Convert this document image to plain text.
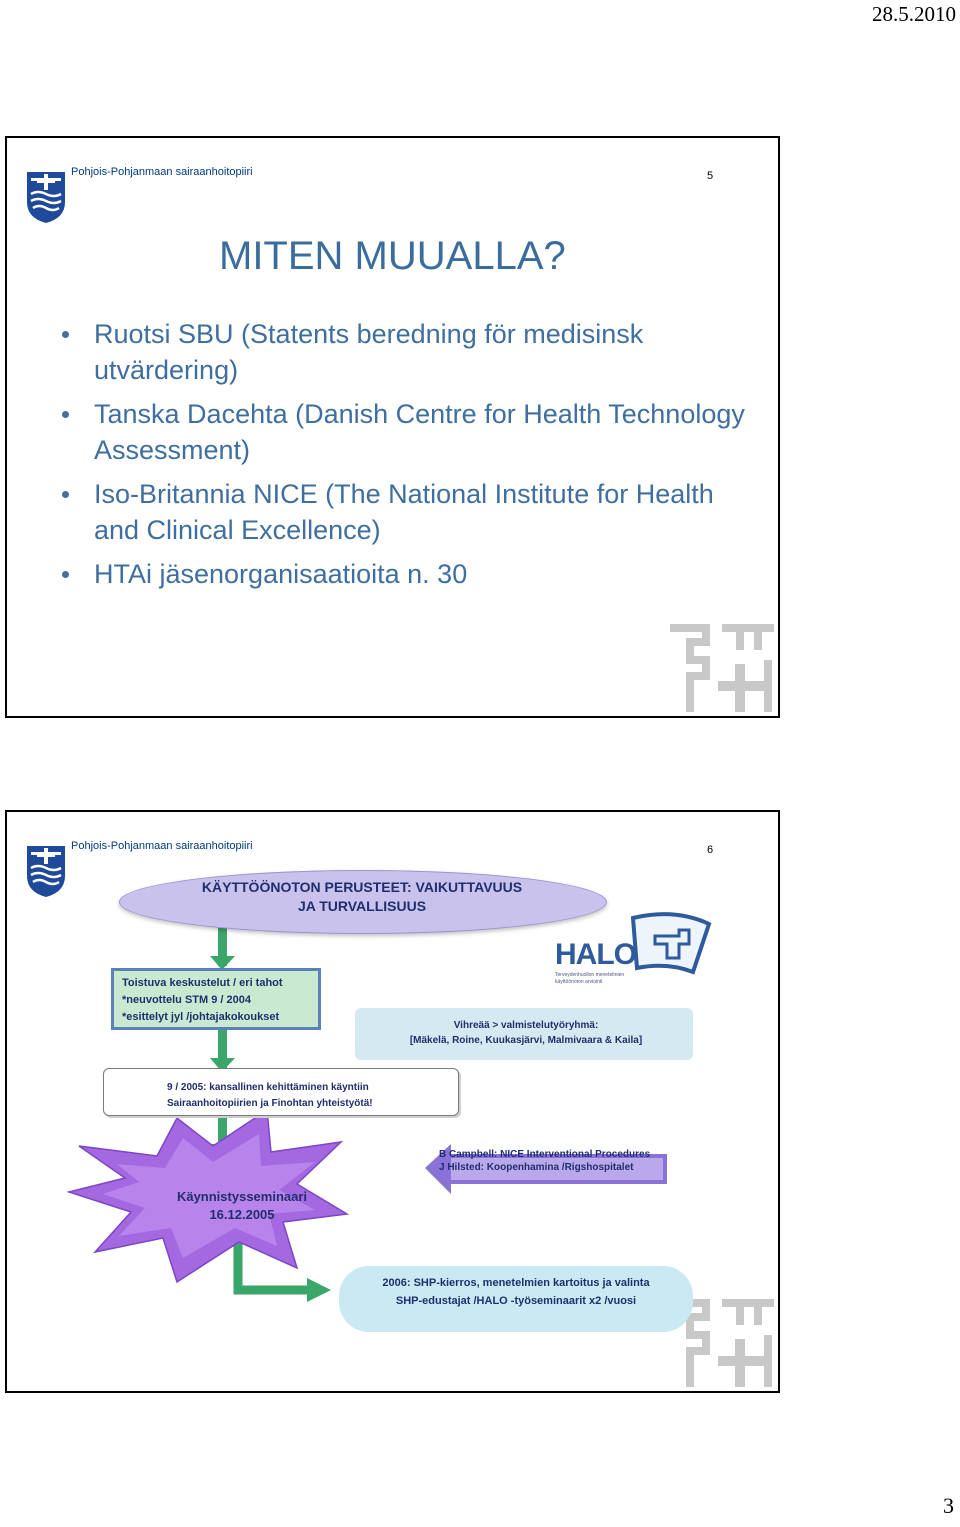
28.5.2010
Pohjois-Pohjanmaan sairaanhoitopiiri	5
MITEN MUUALLA?
Ruotsi SBU (Statents beredning för medisinsk utvärdering)
Tanska Dacehta (Danish Centre for Health Technology Assessment)
Iso-Britannia NICE (The National Institute for Health and Clinical Excellence)
HTAi jäsenorganisaatioita n. 30
Pohjois-Pohjanmaan sairaanhoitopiiri	6
KÄYTTÖÖNOTON PERUSTEET: VAIKUTTAVUUS
JA TURVALLISUUS
HALO
Terveydenhuollon menetelmien käyttöönoton arviointi
Toistuva keskustelut / eri tahot
*neuvottelu STM 9 / 2004
*esittelyt jyl /johtajakokoukset
Vihreää > valmistelutyöryhmä:
[Mäkelä, Roine, Kuukasjärvi, Malmivaara & Kaila]
9 / 2005: kansallinen kehittäminen käyntiin
Sairaanhoitopiirien ja Finohtan yhteistyötä!
B Campbell: NICE Interventional Procedures
J Hilsted: Koopenhamina /Rigshospitalet
Käynnistysseminaari
16.12.2005
2006: SHP-kierros, menetelmien kartoitus ja valinta
SHP-edustajat /HALO -työseminaarit x2 /vuosi
3
